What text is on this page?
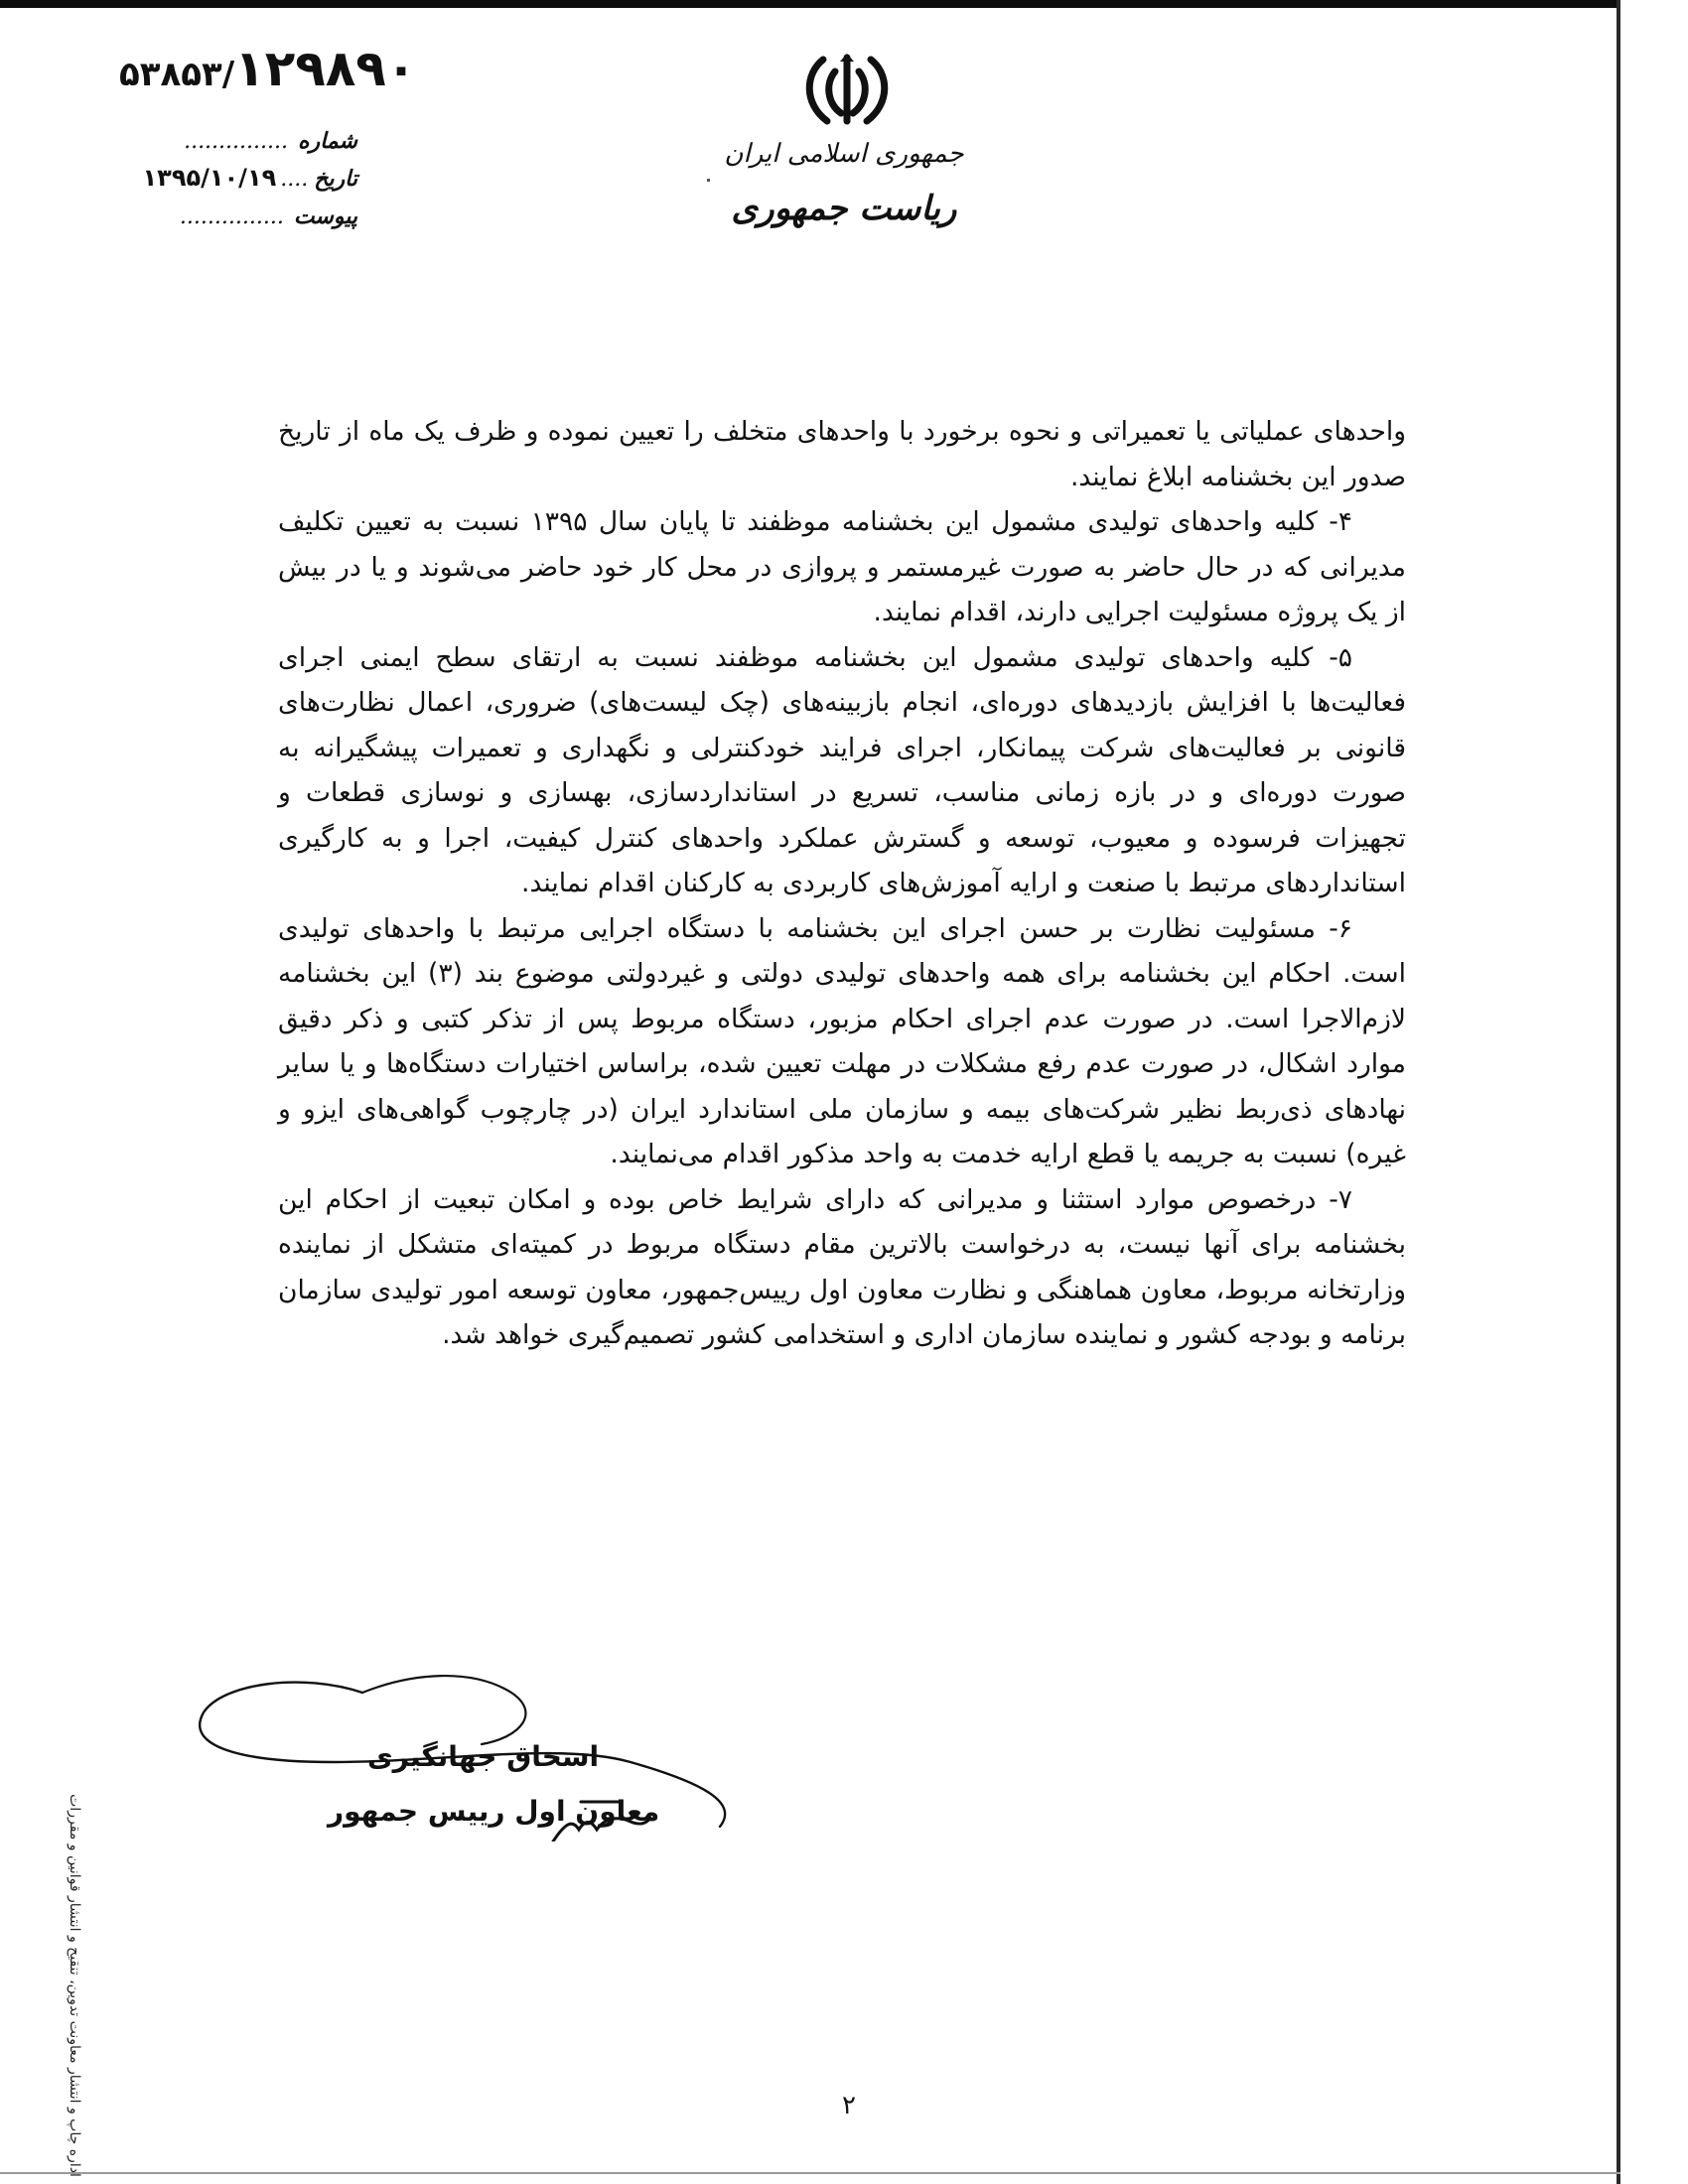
۵۳۸۵۳/۱۲۹۸۹۰
شماره...............
تاریخ....۱۳۹۵/۱۰/۱۹
پیوست...............
جمهوری اسلامی ایران
ریاست جمهوری

واحدهای عملیاتی یا تعمیراتی و نحوه برخورد با واحدهای متخلف را تعیین نموده و ظرف یک ماه از تاریخ صدور این بخشنامه ابلاغ نمایند.

۴- کلیه واحدهای تولیدی مشمول این بخشنامه موظفند تا پایان سال ۱۳۹۵ نسبت به تعیین تکلیف مدیرانی که در حال حاضر به صورت غیرمستمر و پروازی در محل کار خود حاضر می‌شوند و یا در بیش از یک پروژه مسئولیت اجرایی دارند، اقدام نمایند.

۵- کلیه واحدهای تولیدی مشمول این بخشنامه موظفند نسبت به ارتقای سطح ایمنی اجرای فعالیت‌ها با افزایش بازدیدهای دوره‌ای، انجام بازبینه‌های (چک لیست‌های) ضروری، اعمال نظارت‌های قانونی بر فعالیت‌های شرکت پیمانکار، اجرای فرایند خودکنترلی و نگهداری و تعمیرات پیشگیرانه به صورت دوره‌ای و در بازه زمانی مناسب، تسریع در استانداردسازی، بهسازی و نوسازی قطعات و تجهیزات فرسوده و معیوب، توسعه و گسترش عملکرد واحدهای کنترل کیفیت، اجرا و به کارگیری استانداردهای مرتبط با صنعت و ارایه آموزش‌های کاربردی به کارکنان اقدام نمایند.

۶- مسئولیت نظارت بر حسن اجرای این بخشنامه با دستگاه اجرایی مرتبط با واحدهای تولیدی است. احکام این بخشنامه برای همه واحدهای تولیدی دولتی و غیردولتی موضوع بند (۳) این بخشنامه لازم‌الاجرا است. در صورت عدم اجرای احکام مزبور، دستگاه مربوط پس از تذکر کتبی و ذکر دقیق موارد اشکال، در صورت عدم رفع مشکلات در مهلت تعیین شده، براساس اختیارات دستگاه‌ها و یا سایر نهادهای ذی‌ربط نظیر شرکت‌های بیمه و سازمان ملی استاندارد ایران (در چارچوب گواهی‌های ایزو و غیره) نسبت به جریمه یا قطع ارایه خدمت به واحد مذکور اقدام می‌نمایند.

۷- درخصوص موارد استثنا و مدیرانی که دارای شرایط خاص بوده و امکان تبعیت از احکام این بخشنامه برای آنها نیست، به درخواست بالاترین مقام دستگاه مربوط در کمیته‌ای متشکل از نماینده وزارتخانه مربوط، معاون هماهنگی و نظارت معاون اول رییس‌جمهور، معاون توسعه امور تولیدی سازمان برنامه و بودجه کشور و نماینده سازمان اداری و استخدامی کشور تصمیم‌گیری خواهد شد.

اسحاق جهانگیری
معاون اول رییس جمهور
اداره چاپ و انتشار معاونت تدوین، تنقیح و انتشار قوانین و مقررات	۲
